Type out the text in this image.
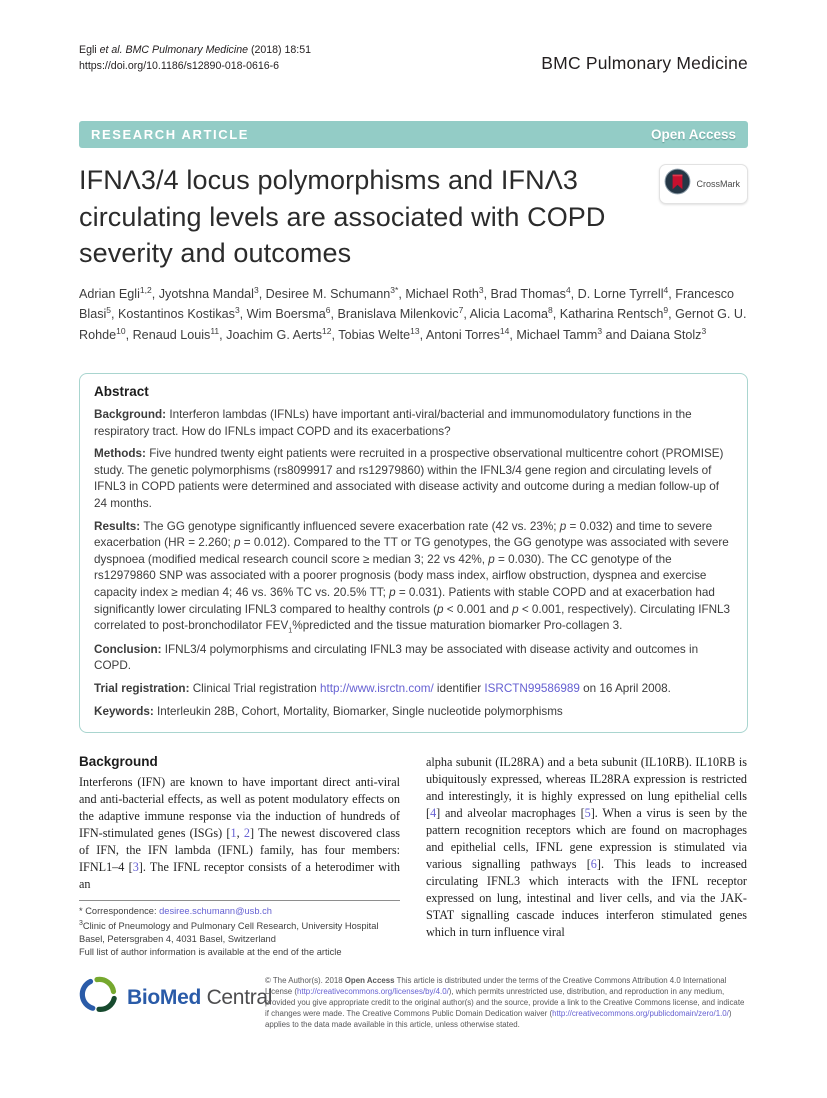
Egli et al. BMC Pulmonary Medicine (2018) 18:51
https://doi.org/10.1186/s12890-018-0616-6	BMC Pulmonary Medicine
RESEARCH ARTICLE	Open Access
IFNΛ3/4 locus polymorphisms and IFNΛ3 circulating levels are associated with COPD severity and outcomes
CrossMark

Adrian Egli$^{1,2}$, Jyotshna Mandal$^3$, Desiree M. Schumann$^{3*}$, Michael Roth$^3$, Brad Thomas$^4$, D. Lorne Tyrrell$^4$, Francesco Blasi$^5$, Kostantinos Kostikas$^3$, Wim Boersma$^6$, Branislava Milenkovic$^7$, Alicia Lacoma$^8$, Katharina Rentsch$^9$, Gernot G. U. Rohde$^{10}$, Renaud Louis$^{11}$, Joachim G. Aerts$^{12}$, Tobias Welte$^{13}$, Antoni Torres$^{14}$, Michael Tamm$^3$ and Daiana Stolz$^3$

Abstract

Background: Interferon lambdas (IFNLs) have important anti-viral/bacterial and immunomodulatory functions in the respiratory tract. How do IFNLs impact COPD and its exacerbations?

Methods: Five hundred twenty eight patients were recruited in a prospective observational multicentre cohort (PROMISE) study. The genetic polymorphisms (rs8099917 and rs12979860) within the IFNL3/4 gene region and circulating levels of IFNL3 in COPD patients were determined and associated with disease activity and outcome during a median follow-up of 24 months.

Results: The GG genotype significantly influenced severe exacerbation rate (42 vs. 23%; p = 0.032) and time to severe exacerbation (HR = 2.260; p = 0.012). Compared to the TT or TG genotypes, the GG genotype was associated with severe dyspnoea (modified medical research council score ≥ median 3; 22 vs 42%, p = 0.030). The CC genotype of the rs12979860 SNP was associated with a poorer prognosis (body mass index, airflow obstruction, dyspnea and exercise capacity index ≥ median 4; 46 vs. 36% TC vs. 20.5% TT; p = 0.031). Patients with stable COPD and at exacerbation had significantly lower circulating IFNL3 compared to healthy controls (p < 0.001 and p < 0.001, respectively). Circulating IFNL3 correlated to post-bronchodilator $FEV_1\%predicted$ and the tissue maturation biomarker Pro-collagen 3.

Conclusion: IFNL3/4 polymorphisms and circulating IFNL3 may be associated with disease activity and outcomes in COPD.

Trial registration: Clinical Trial registration http://www.isrctn.com/ identifier ISRCTN99586989 on 16 April 2008.

Keywords: Interleukin 28B, Cohort, Mortality, Biomarker, Single nucleotide polymorphisms

Background

Interferons (IFN) are known to have important direct anti-viral and anti-bacterial effects, as well as potent modulatory effects on the adaptive immune response via the induction of hundreds of IFN-stimulated genes (ISGs) [1, 2] The newest discovered class of IFN, the IFN lambda (IFNL) family, has four members: IFNL1–4 [3]. The IFNL receptor consists of a heterodimer with an

* Correspondence: desiree.schumann@usb.ch
$^3$Clinic of Pneumology and Pulmonary Cell Research, University Hospital Basel, Petersgraben 4, 4031 Basel, Switzerland
Full list of author information is available at the end of the article

alpha subunit (IL28RA) and a beta subunit (IL10RB). IL10RB is ubiquitously expressed, whereas IL28RA expression is restricted and interestingly, it is highly expressed on lung epithelial cells [4] and alveolar macrophages [5]. When a virus is seen by the pattern recognition receptors which are found on macrophages and epithelial cells, IFNL gene expression is stimulated via various signalling pathways [6]. This leads to increased circulating IFNL3 which interacts with the IFNL receptor expressed on lung, intestinal and liver cells, and via the JAK-STAT signalling cascade induces interferon stimulated genes which in turn influence viral

BioMed Central
© The Author(s). 2018 Open Access This article is distributed under the terms of the Creative Commons Attribution 4.0 International License (http://creativecommons.org/licenses/by/4.0/), which permits unrestricted use, distribution, and reproduction in any medium, provided you give appropriate credit to the original author(s) and the source, provide a link to the Creative Commons license, and indicate if changes were made. The Creative Commons Public Domain Dedication waiver (http://creativecommons.org/publicdomain/zero/1.0/) applies to the data made available in this article, unless otherwise stated.
